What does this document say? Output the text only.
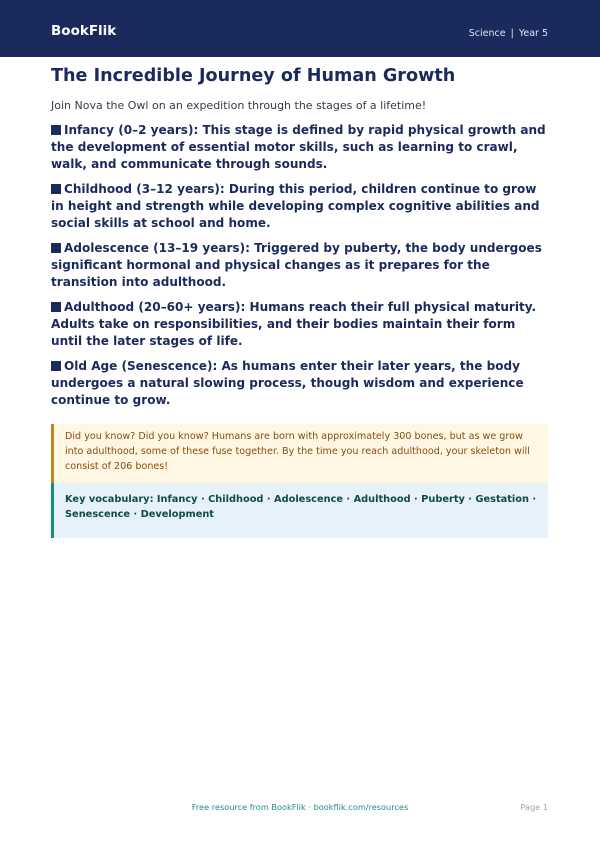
BookFlik	Science | Year 5
The Incredible Journey of Human Growth

Join Nova the Owl on an expedition through the stages of a lifetime!

Infancy (0–2 years): This stage is defined by rapid physical growth and the development of essential motor skills, such as learning to crawl, walk, and communicate through sounds.

Childhood (3–12 years): During this period, children continue to grow in height and strength while developing complex cognitive abilities and social skills at school and home.

Adolescence (13–19 years): Triggered by puberty, the body undergoes significant hormonal and physical changes as it prepares for the transition into adulthood.

Adulthood (20–60+ years): Humans reach their full physical maturity. Adults take on responsibilities, and their bodies maintain their form until the later stages of life.

Old Age (Senescence): As humans enter their later years, the body undergoes a natural slowing process, though wisdom and experience continue to grow.

Did you know? Did you know? Humans are born with approximately 300 bones, but as we grow into adulthood, some of these fuse together. By the time you reach adulthood, your skeleton will consist of 206 bones!
Key vocabulary: Infancy · Childhood · Adolescence · Adulthood · Puberty · Gestation · Senescence · Development
Free resource from BookFlik · bookflik.com/resources	Page 1
